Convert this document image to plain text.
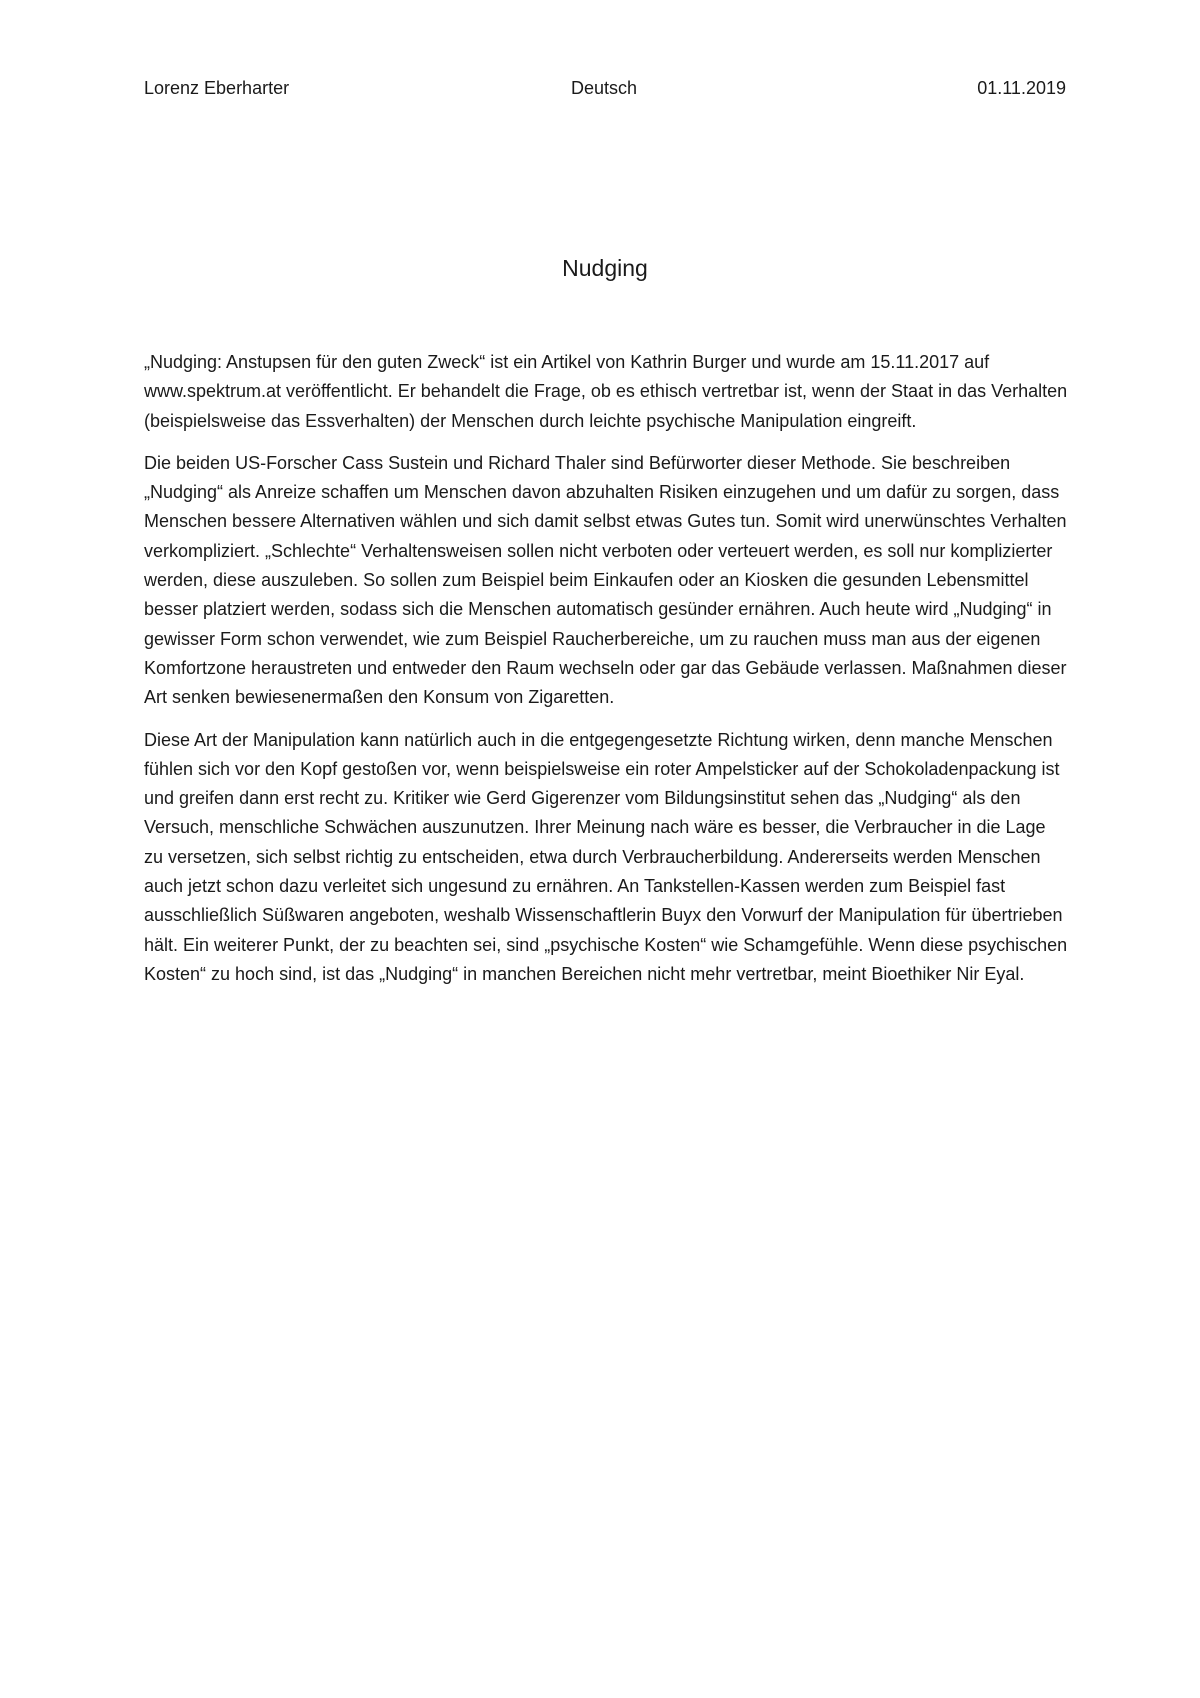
Lorenz Eberharter	Deutsch	01.11.2019
Nudging

„Nudging: Anstupsen für den guten Zweck“ ist ein Artikel von Kathrin Burger und wurde am 15.11.2017 auf www.spektrum.at veröffentlicht. Er behandelt die Frage, ob es ethisch vertretbar ist, wenn der Staat in das Verhalten (beispielsweise das Essverhalten) der Menschen durch leichte psychische Manipulation eingreift.

Die beiden US-Forscher Cass Sustein und Richard Thaler sind Befürworter dieser Methode. Sie beschreiben „Nudging“ als Anreize schaffen um Menschen davon abzuhalten Risiken einzugehen und um dafür zu sorgen, dass Menschen bessere Alternativen wählen und sich damit selbst etwas Gutes tun. Somit wird unerwünschtes Verhalten verkompliziert. „Schlechte“ Verhaltensweisen sollen nicht verboten oder verteuert werden, es soll nur komplizierter werden, diese auszuleben. So sollen zum Beispiel beim Einkaufen oder an Kiosken die gesunden Lebensmittel besser platziert werden, sodass sich die Menschen automatisch gesünder ernähren. Auch heute wird „Nudging“ in gewisser Form schon verwendet, wie zum Beispiel Raucherbereiche, um zu rauchen muss man aus der eigenen Komfortzone heraustreten und entweder den Raum wechseln oder gar das Gebäude verlassen. Maßnahmen dieser Art senken bewiesenermaßen den Konsum von Zigaretten.

Diese Art der Manipulation kann natürlich auch in die entgegengesetzte Richtung wirken, denn manche Menschen fühlen sich vor den Kopf gestoßen vor, wenn beispielsweise ein roter Ampelsticker auf der Schokoladenpackung ist und greifen dann erst recht zu. Kritiker wie Gerd Gigerenzer vom Bildungsinstitut sehen das „Nudging“ als den Versuch, menschliche Schwächen auszunutzen. Ihrer Meinung nach wäre es besser, die Verbraucher in die Lage zu versetzen, sich selbst richtig zu entscheiden, etwa durch Verbraucherbildung. Andererseits werden Menschen auch jetzt schon dazu verleitet sich ungesund zu ernähren. An Tankstellen-Kassen werden zum Beispiel fast ausschließlich Süßwaren angeboten, weshalb Wissenschaftlerin Buyx den Vorwurf der Manipulation für übertrieben hält. Ein weiterer Punkt, der zu beachten sei, sind „psychische Kosten“ wie Schamgefühle. Wenn diese psychischen Kosten“ zu hoch sind, ist das „Nudging“ in manchen Bereichen nicht mehr vertretbar, meint Bioethiker Nir Eyal.
